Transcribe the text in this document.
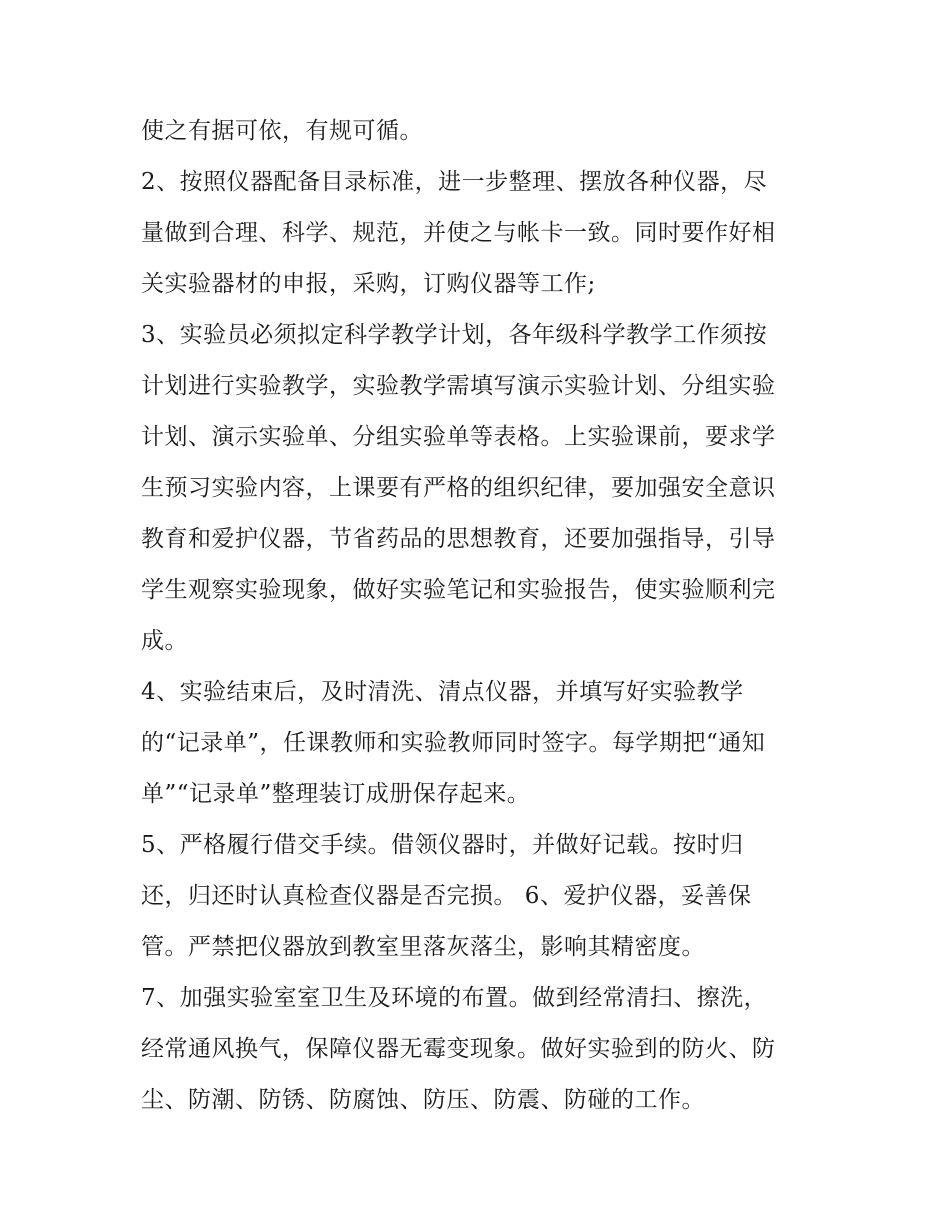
使之有据可依，有规可循。
2、按照仪器配备目录标准，进一步整理、摆放各种仪器，尽
量做到合理、科学、规范，并使之与帐卡一致。同时要作好相
关实验器材的申报，采购，订购仪器等工作;
3、实验员必须拟定科学教学计划，各年级科学教学工作须按
计划进行实验教学，实验教学需填写演示实验计划、分组实验
计划、演示实验单、分组实验单等表格。上实验课前，要求学
生预习实验内容，上课要有严格的组织纪律，要加强安全意识
教育和爱护仪器，节省药品的思想教育，还要加强指导，引导
学生观察实验现象，做好实验笔记和实验报告，使实验顺利完
成。
4、实验结束后，及时清洗、清点仪器，并填写好实验教学
的“记录单”，任课教师和实验教师同时签字。每学期把“通知
单”“记录单”整理装订成册保存起来。
5、严格履行借交手续。借领仪器时，并做好记载。按时归
还，归还时认真检查仪器是否完损。 6、爱护仪器，妥善保
管。严禁把仪器放到教室里落灰落尘，影响其精密度。
7、加强实验室室卫生及环境的布置。做到经常清扫、擦洗，
经常通风换气，保障仪器无霉变现象。做好实验到的防火、防
尘、防潮、防锈、防腐蚀、防压、防震、防碰的工作。
